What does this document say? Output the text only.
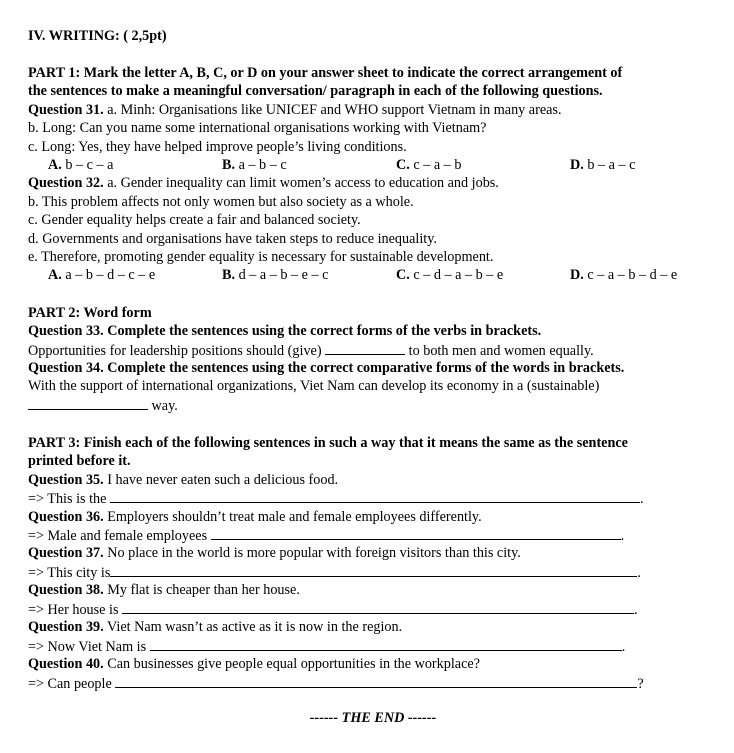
IV. WRITING: ( 2,5pt)
PART 1: Mark the letter A, B, C, or D on your answer sheet to indicate the correct arrangement of
the sentences to make a meaningful conversation/ paragraph in each of the following questions.
Question 31. a. Minh: Organisations like UNICEF and WHO support Vietnam in many areas.
b. Long: Can you name some international organisations working with Vietnam?
c. Long: Yes, they have helped improve people’s living conditions.
A. b – c – a	B. a – b – c	C. c – a – b	D. b – a – c
Question 32. a. Gender inequality can limit women’s access to education and jobs.
b. This problem affects not only women but also society as a whole.
c. Gender equality helps create a fair and balanced society.
d. Governments and organisations have taken steps to reduce inequality.
e. Therefore, promoting gender equality is necessary for sustainable development.
A. a – b – d – c – e	B. d – a – b – e – c	C. c – d – a – b – e	D. c – a – b – d – e
PART 2: Word form
Question 33. Complete the sentences using the correct forms of the verbs in brackets.
Opportunities for leadership positions should (give)	to both men and women equally.
Question 34. Complete the sentences using the correct comparative forms of the words in brackets.
With the support of international organizations, Viet Nam can develop its economy in a (sustainable)
way.
PART 3: Finish each of the following sentences in such a way that it means the same as the sentence
printed before it.
Question 35. I have never eaten such a delicious food.
=> This is the	.
Question 36. Employers shouldn’t treat male and female employees differently.
=> Male and female employees	.
Question 37. No place in the world is more popular with foreign visitors than this city.
=> This city is	.
Question 38. My flat is cheaper than her house.
=> Her house is	.
Question 39. Viet Nam wasn’t as active as it is now in the region.
=> Now Viet Nam is	.
Question 40. Can businesses give people equal opportunities in the workplace?
=> Can people	?
------ THE END ------
